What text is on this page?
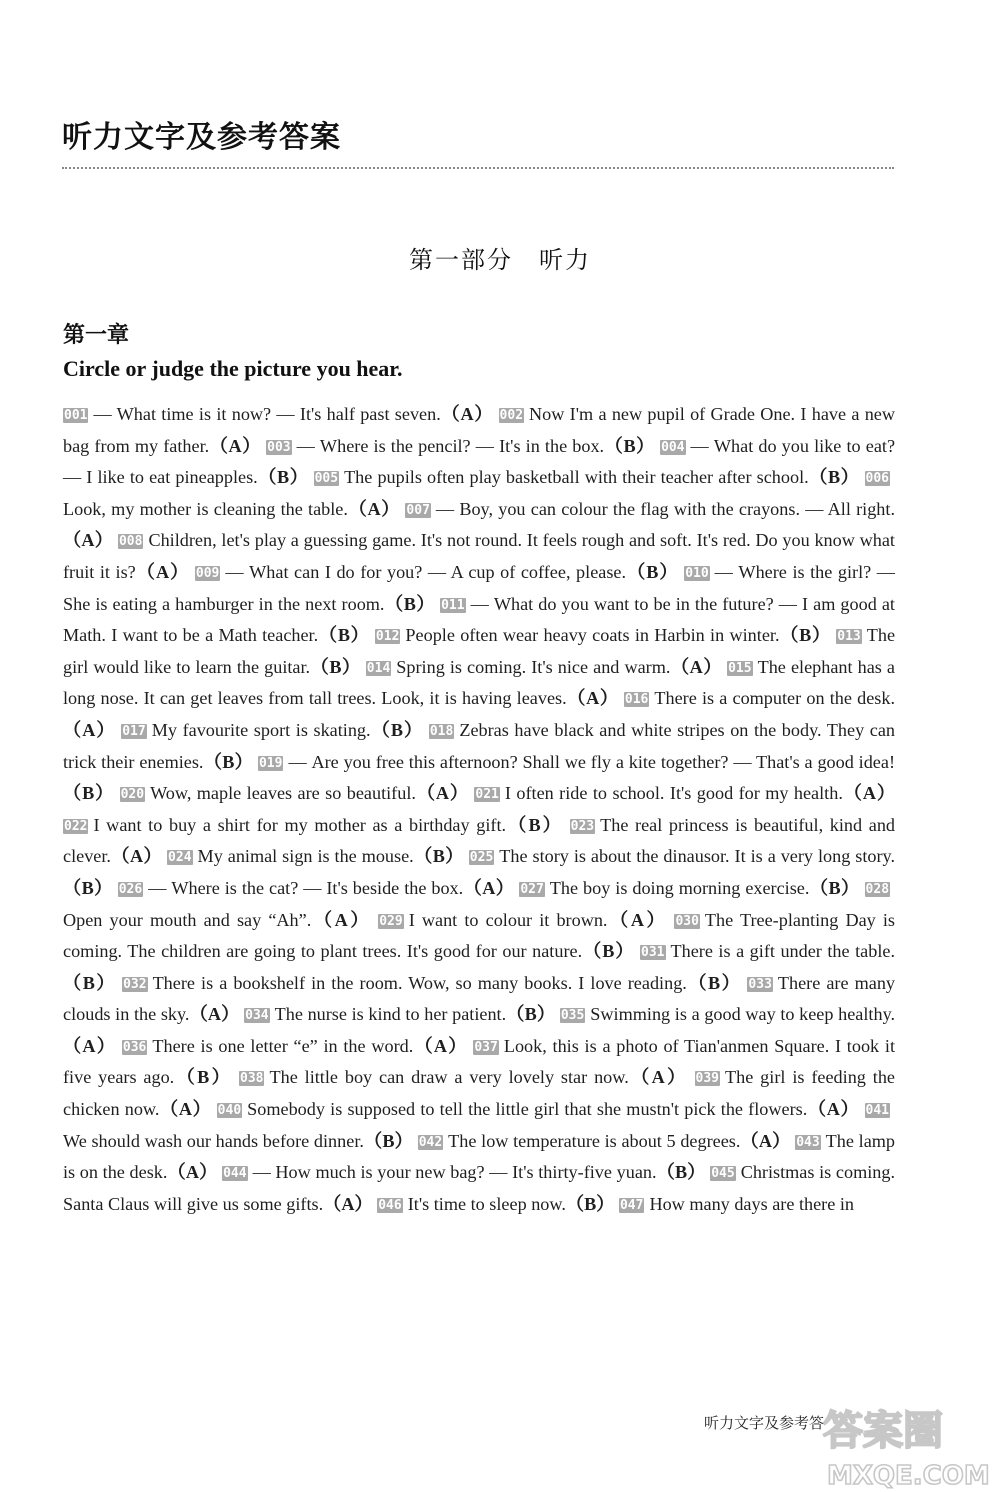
听力文字及参考答案
第一部分　听力
第一章
Circle or judge the picture you hear.
001 — What time is it now? — It's half past seven.（A） 002 Now I'm a new pupil of Grade One. I have a new bag from my father.（A） 003 — Where is the pencil? — It's in the box.（B） 004 — What do you like to eat? — I like to eat pineapples.（B） 005 The pupils often play basketball with their teacher after school.（B） 006Look, my mother is cleaning the table.（A） 007 — Boy, you can colour the flag with the crayons. — All right.（A） 008 Children, let's play a guessing game. It's not round. It feels rough and soft. It's red. Do you know what fruit it is?（A） 009 — What can I do for you? — A cup of coffee, please.（B） 010 — Where is the girl? — She is eating a hamburger in the next room.（B） 011 — What do you want to be in the future? — I am good at Math. I want to be a Math teacher.（B） 012 People often wear heavy coats in Harbin in winter.（B） 013 The girl would like to learn the guitar.（B） 014 Spring is coming. It's nice and warm.（A） 015 The elephant has a long nose. It can get leaves from tall trees. Look, it is having leaves.（A） 016 There is a computer on the desk.（A） 017 My favourite sport is skating.（B） 018 Zebras have black and white stripes on the body. They can trick their enemies.（B） 019 — Are you free this afternoon? Shall we fly a kite together? — That's a good idea!（B） 020 Wow, maple leaves are so beautiful.（A） 021 I often ride to school. It's good for my health.（A） 022 I want to buy a shirt for my mother as a birthday gift.（B） 023 The real princess is beautiful, kind and clever.（A） 024 My animal sign is the mouse.（B） 025 The story is about the dinausor. It is a very long story.（B） 026 — Where is the cat? — It's beside the box.（A） 027 The boy is doing morning exercise.（B） 028Open your mouth and say “Ah”.（A） 029 I want to colour it brown.（A） 030 The Tree-planting Day is coming. The children are going to plant trees. It's good for our nature.（B） 031 There is a gift under the table.（B） 032 There is a bookshelf in the room. Wow, so many books. I love reading.（B） 033 There are many clouds in the sky.（A） 034 The nurse is kind to her patient.（B） 035 Swimming is a good way to keep healthy.（A） 036 There is one letter “e” in the word.（A） 037 Look, this is a photo of Tian'anmen Square. I took it five years ago.（B） 038 The little boy can draw a very lovely star now.（A） 039 The girl is feeding the chicken now.（A） 040 Somebody is supposed to tell the little girl that she mustn't pick the flowers.（A） 041We should wash our hands before dinner.（B） 042 The low temperature is about 5 degrees.（A） 043 The lamp is on the desk.（A） 044 — How much is your new bag? — It's thirty-five yuan.（B） 045 Christmas is coming. Santa Claus will give us some gifts.（A） 046 It's time to sleep now.（B） 047 How many days are there in
听力文字及参考答
答案圈
MXQE.COM
